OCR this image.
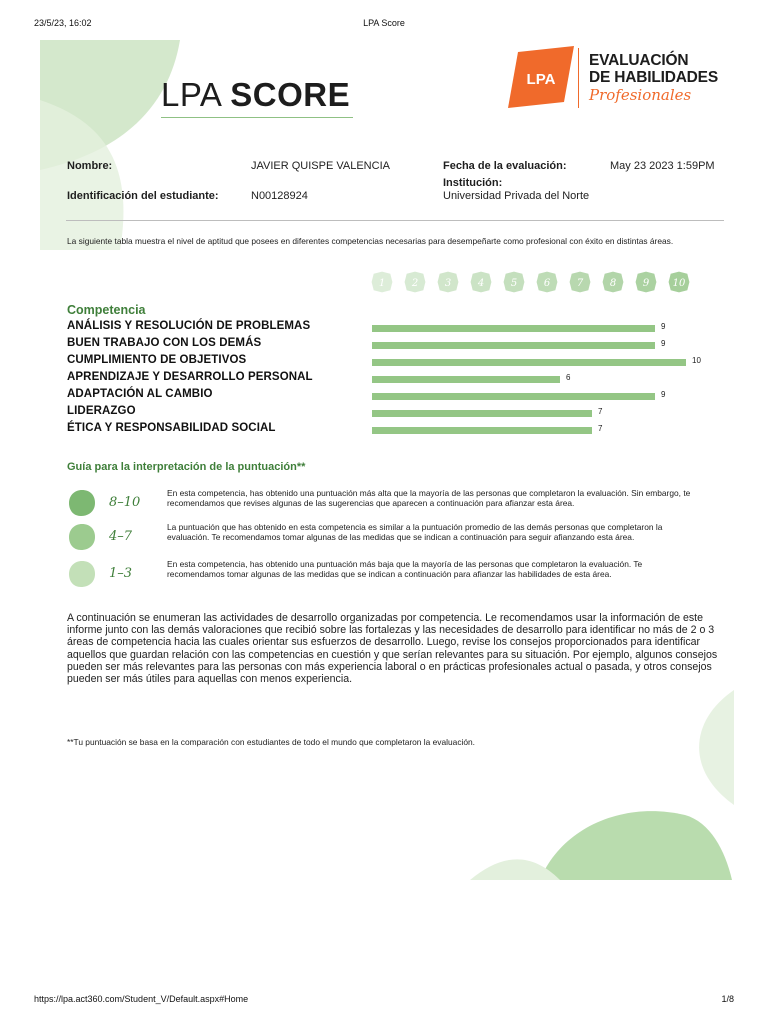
23/5/23, 16:02	LPA Score
https://lpa.act360.com/Student_V/Default.aspx#Home	1/8
LPA SCORE	LPA
EVALUACIÓN
DE HABILIDADES
Profesionales
Nombre:	JAVIER QUISPE VALENCIA
Identificación del estudiante:	N00128924
Fecha de la evaluación:	May 23 2023 1:59PM
Institución:
Universidad Privada del Norte
La siguiente tabla muestra el nivel de aptitud que posees en diferentes competencias necesarias para desempeñarte como profesional con éxito en distintas áreas.
1	2	3	4	5	6	7	8	9 10
Competencia
ANÁLISIS Y RESOLUCIÓN DE PROBLEMAS	9
BUEN TRABAJO CON LOS DEMÁS	9
CUMPLIMIENTO DE OBJETIVOS	10
APRENDIZAJE Y DESARROLLO PERSONAL	6
ADAPTACIÓN AL CAMBIO	9
LIDERAZGO	7
ÉTICA Y RESPONSABILIDAD SOCIAL	7
Guía para la interpretación de la puntuación**
8–10
En esta competencia, has obtenido una puntuación más alta que la mayoría de las personas que completaron la evaluación. Sin embargo, te recomendamos que revises algunas de las sugerencias que aparecen a continuación para afianzar esta área.
4–7
La puntuación que has obtenido en esta competencia es similar a la puntuación promedio de las demás personas que completaron la evaluación. Te recomendamos tomar algunas de las medidas que se indican a continuación para seguir afianzando esta área.
1–3
En esta competencia, has obtenido una puntuación más baja que la mayoría de las personas que completaron la evaluación. Te recomendamos tomar algunas de las medidas que se indican a continuación para afianzar las habilidades de esta área.
A continuación se enumeran las actividades de desarrollo organizadas por competencia. Le recomendamos usar la información de este informe junto con las demás valoraciones que recibió sobre las fortalezas y las necesidades de desarrollo para identificar no más de 2 o 3 áreas de competencia hacia las cuales orientar sus esfuerzos de desarrollo. Luego, revise los consejos proporcionados para identificar aquellos que guardan relación con las competencias en cuestión y que serían relevantes para su situación. Por ejemplo, algunos consejos pueden ser más relevantes para las personas con más experiencia laboral o en prácticas profesionales actual o pasada, y otros consejos pueden ser más útiles para aquellas con menos experiencia.
**Tu puntuación se basa en la comparación con estudiantes de todo el mundo que completaron la evaluación.
